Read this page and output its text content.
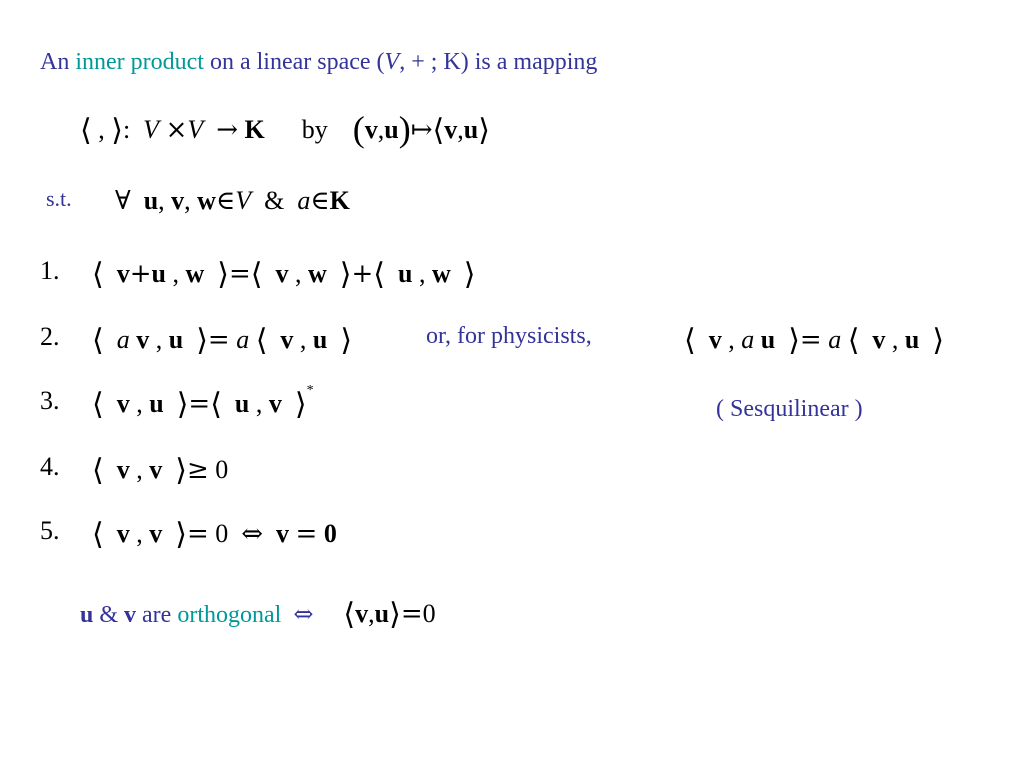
An inner product on a linear space (V, + ; K) is a mapping
⟨ , ⟩: V ×V → K by (v,u)↦⟨v,u⟩
s.t. ∀ u, v, w∈V  &  a∈K
1. ⟨ v+u , w ⟩=⟨ v , w ⟩+⟨ u , w ⟩
2. ⟨ a v , u ⟩= a ⟨ v , u ⟩	or, for physicists,	⟨ v , a u ⟩= a ⟨ v , u ⟩
3. ⟨ v , u ⟩=⟨ u , v ⟩*
( Sesquilinear )
4. ⟨ v , v ⟩≥ 0
5. ⟨ v , v ⟩= 0  ⇔ v = 0
u & v are orthogonal ⇔ ⟨v,u⟩=0
